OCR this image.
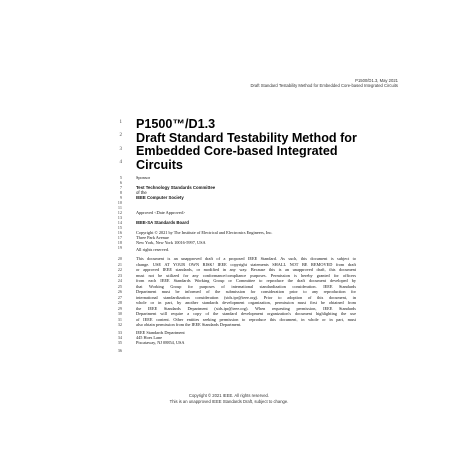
P1500/D1.3, May 2021
Draft Standard Testability Method for Embedded Core-based Integrated Circuits
1
2
3
4
P1500™/D1.3
Draft Standard Testability Method for
Embedded Core-based Integrated
Circuits
5
6
7
8
9
10
11
12
13
14
15
16
17
18
19
Sponsor
Test Technology Standards Committee
of the
IEEE Computer Society
Approved <Date Approved>
IEEE-SA Standards Board
Copyright © 2021 by The Institute of Electrical and Electronics Engineers, Inc.
Three Park Avenue
New York, New York 10016-5997, USA
All rights reserved.
20
21
22
23
24
25
26
27
28
29
30
31
32
This document is an unapproved draft of a proposed IEEE Standard. As such, this document is subject to
change. USE AT YOUR OWN RISK! IEEE copyright statements SHALL NOT BE REMOVED from draft
or approved IEEE standards, or modified in any way. Because this is an unapproved draft, this document
must not be utilized for any conformance/compliance purposes. Permission is hereby granted for officers
from each IEEE Standards Working Group or Committee to reproduce the draft document developed by
that Working Group for purposes of international standardization consideration. IEEE Standards
Department must be informed of the submission for consideration prior to any reproduction for
international standardization consideration (stds.ipr@ieee.org). Prior to adoption of this document, in
whole or in part, by another standards development organization, permission must first be obtained from
the IEEE Standards Department (stds.ipr@ieee.org). When requesting permission, IEEE Standards
Department will require a copy of the standard development organization's document highlighting the use
of IEEE content. Other entities seeking permission to reproduce this document, in whole or in part, must
also obtain permission from the IEEE Standards Department.
33
34
35
36
IEEE Standards Department
445 Hoes Lane
Piscataway, NJ 08854, USA
Copyright © 2021 IEEE. All rights reserved.
This is an unapproved IEEE Standards Draft, subject to change.
